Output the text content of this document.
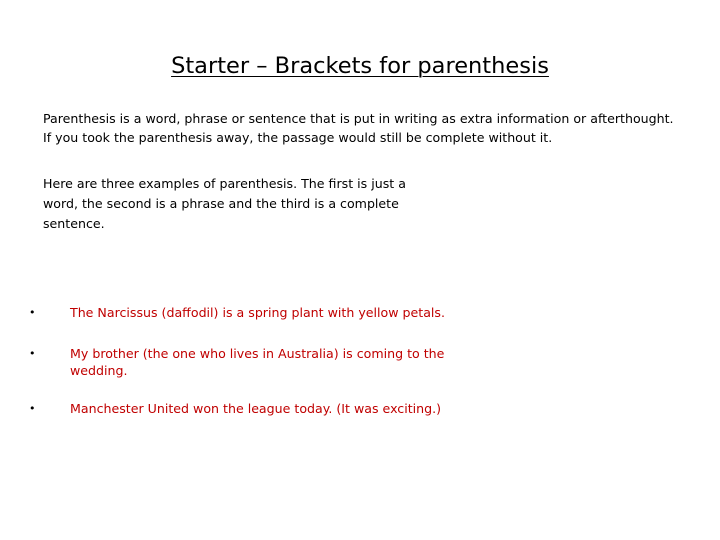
Starter – Brackets for parenthesis

Parenthesis is a word, phrase or sentence that is put in writing as extra information or afterthought.

If you took the parenthesis away, the passage would still be complete without it.

Here are three examples of parenthesis. The first is just a word, the second is a phrase and the third is a complete sentence.

•	The Narcissus (daffodil) is a spring plant with yellow petals.
•	My brother (the one who lives in Australia) is coming to the wedding.
•	Manchester United won the league today. (It was exciting.)
